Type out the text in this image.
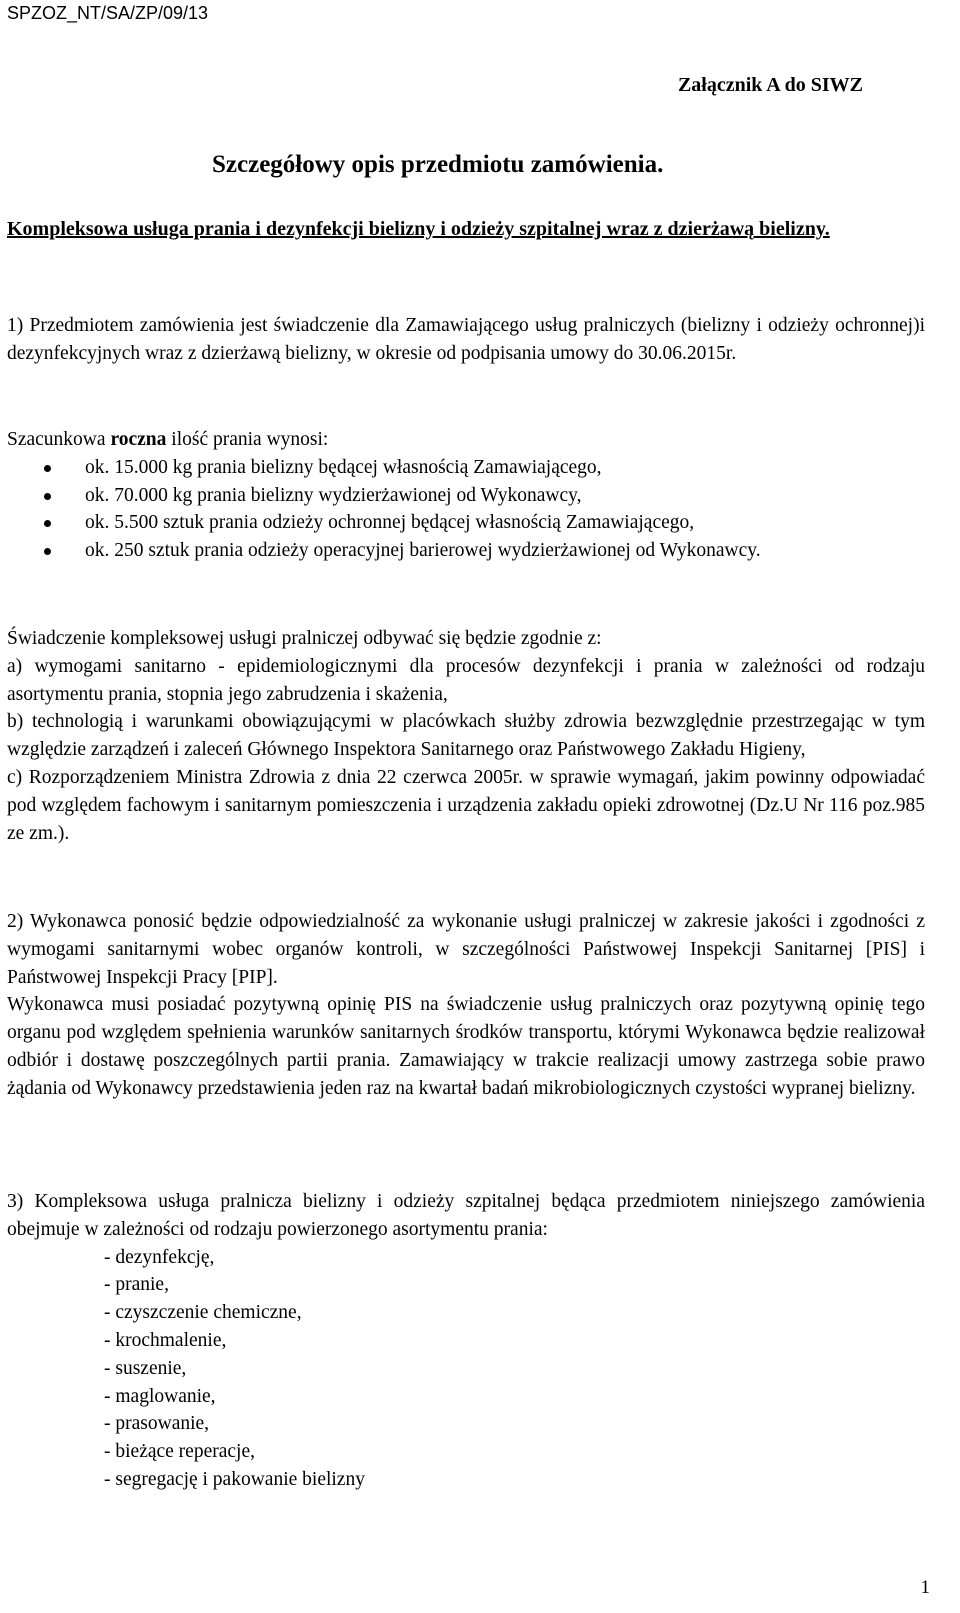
SPZOZ_NT/SA/ZP/09/13
Załącznik A do SIWZ
Szczegółowy opis przedmiotu zamówienia.
Kompleksowa usługa prania i dezynfekcji bielizny i odzieży szpitalnej wraz z dzierżawą bielizny.
1) Przedmiotem zamówienia jest świadczenie dla Zamawiającego usług pralniczych (bielizny i odzieży ochronnej)i dezynfekcyjnych wraz z dzierżawą bielizny, w okresie od podpisania umowy do 30.06.2015r.

Szacunkowa roczna ilość prania wynosi:

ok. 15.000 kg prania bielizny będącej własnością Zamawiającego,
ok. 70.000 kg prania bielizny wydzierżawionej od Wykonawcy,
ok. 5.500 sztuk prania odzieży ochronnej będącej własnością Zamawiającego,
ok. 250 sztuk prania odzieży operacyjnej barierowej wydzierżawionej od Wykonawcy.

Świadczenie kompleksowej usługi pralniczej odbywać się będzie zgodnie z:

a) wymogami sanitarno - epidemiologicznymi dla procesów dezynfekcji i prania w zależności od rodzaju asortymentu prania, stopnia jego zabrudzenia i skażenia,

b) technologią i warunkami obowiązującymi w placówkach służby zdrowia bezwzględnie przestrzegając w tym względzie zarządzeń i zaleceń Głównego Inspektora Sanitarnego oraz Państwowego Zakładu Higieny,

c) Rozporządzeniem Ministra Zdrowia z dnia 22 czerwca 2005r. w sprawie wymagań, jakim powinny odpowiadać pod względem fachowym i sanitarnym pomieszczenia i urządzenia zakładu opieki zdrowotnej (Dz.U Nr 116 poz.985 ze zm.).

2) Wykonawca ponosić będzie odpowiedzialność za wykonanie usługi pralniczej w zakresie jakości i zgodności z wymogami sanitarnymi wobec organów kontroli, w szczególności Państwowej Inspekcji Sanitarnej [PIS] i Państwowej Inspekcji Pracy [PIP].

Wykonawca musi posiadać pozytywną opinię PIS na świadczenie usług pralniczych oraz pozytywną opinię tego organu pod względem spełnienia warunków sanitarnych środków transportu, którymi Wykonawca będzie realizował odbiór i dostawę poszczególnych partii prania. Zamawiający w trakcie realizacji umowy zastrzega sobie prawo żądania od Wykonawcy przedstawienia jeden raz na kwartał badań mikrobiologicznych czystości wypranej bielizny.

3) Kompleksowa usługa pralnicza bielizny i odzieży szpitalnej będąca przedmiotem niniejszego zamówienia obejmuje w zależności od rodzaju powierzonego asortymentu prania:

- dezynfekcję,
- pranie,
- czyszczenie chemiczne,
- krochmalenie,
- suszenie,
- maglowanie,
- prasowanie,
- bieżące reperacje,
- segregację i pakowanie bielizny
1
